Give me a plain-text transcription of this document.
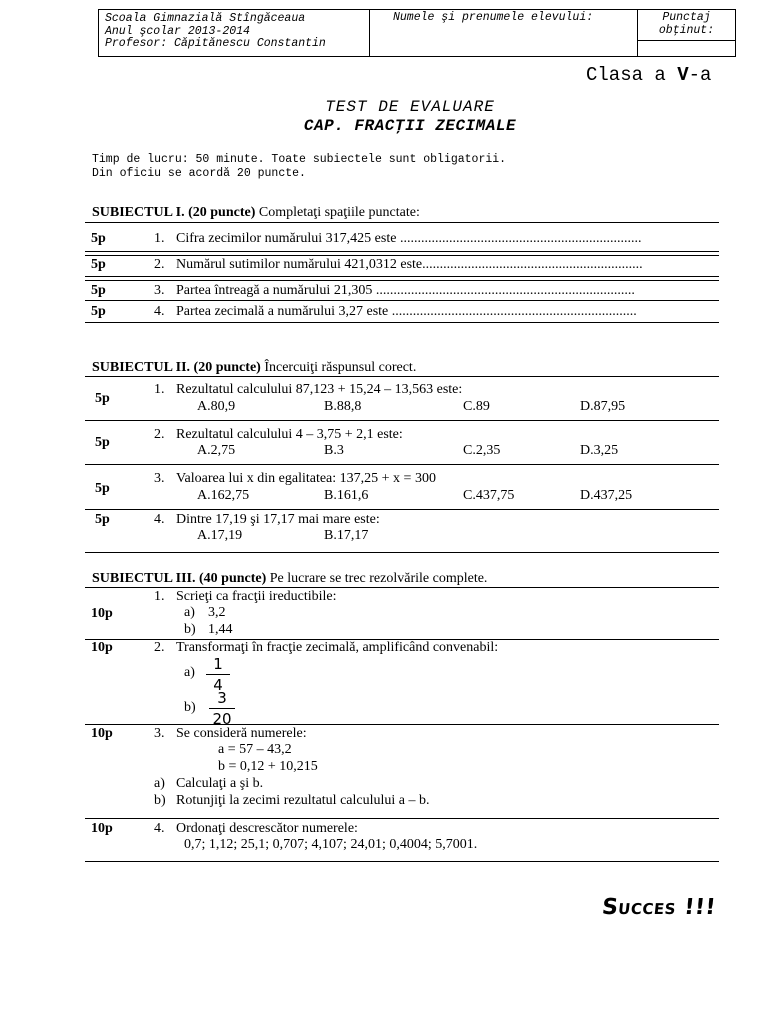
Scoala Gimnazială Stîngăceaua
Anul şcolar 2013-2014
Profesor: Căpitănescu Constantin
Numele şi prenumele elevului:	Punctaj
obţinut:
Clasa a V-a
TEST DE EVALUARE
CAP. FRACŢII ZECIMALE
Timp de lucru: 50 minute. Toate subiectele sunt obligatorii.
Din oficiu se acordă 20 puncte.
SUBIECTUL I. (20 puncte) Completaţi spaţiile punctate:
5p	1. Cifra zecimilor numărului 317,425 este .....................................................................
5p	2. Numărul sutimilor numărului 421,0312 este...............................................................
5p	3. Partea întreagă a numărului 21,305 ..........................................................................
5p	4. Partea zecimală a numărului 3,27 este ......................................................................
SUBIECTUL II. (20 puncte) Încercuiţi răspunsul corect.
5p
1. Rezultatul calculului 87,123 + 15,24 – 13,563 este:
A.80,9	B.88,8	C.89	D.87,95
5p
2. Rezultatul calculului 4 – 3,75 + 2,1 este:
A.2,75	B.3	C.2,35	D.3,25
5p
3. Valoarea lui x din egalitatea: 137,25 + x = 300
A.162,75	B.161,6	C.437,75	D.437,25
5p	4. Dintre 17,19 şi 17,17 mai mare este:
A.17,19	B.17,17
SUBIECTUL III. (40 puncte) Pe lucrare se trec rezolvările complete.
10p
1. Scrieţi ca fracţii ireductibile:
a) 3,2
b) 1,44
10p	2. Transformaţi în fracţie zecimală, amplificând convenabil:
a)	1
4
b)
3
20
10p	3. Se consideră numerele:
a = 57 – 43,2
b = 0,12 + 10,215
a) Calculaţi a şi b.
b) Rotunjiţi la zecimi rezultatul calculului a – b.
10p	4. Ordonaţi descrescător numerele:
0,7; 1,12; 25,1; 0,707; 4,107; 24,01; 0,4004; 5,7001.
Succes !!!
